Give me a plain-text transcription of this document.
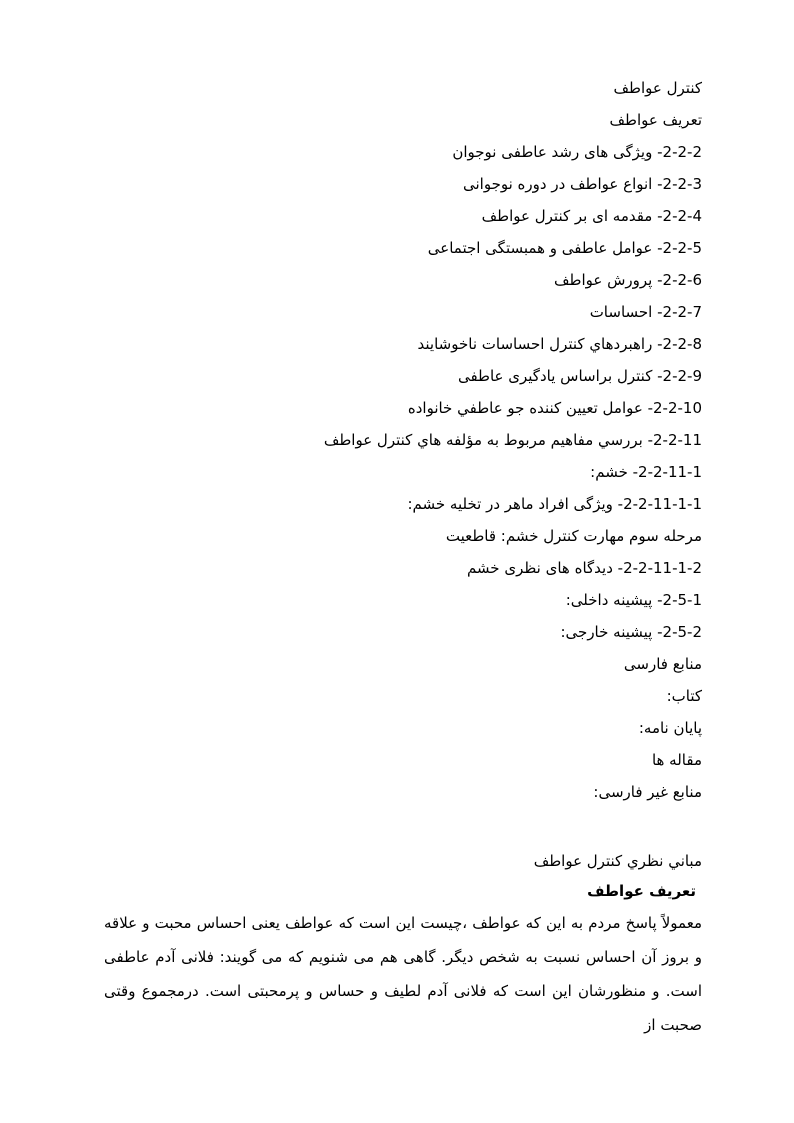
کنترل عواطف
تعریف عواطف
2-2-2- ویژگی های رشد عاطفی نوجوان
2-2-3- انواع عواطف در دوره نوجوانی
2-2-4- مقدمه ای بر کنترل عواطف
2-2-5- عوامل عاطفی و همبستگی اجتماعی
2-2-6- پرورش عواطف
2-2-7- احساسات
2-2-8- راهبردهاي كنترل احساسات ناخوشايند
2-2-9- کنترل براساس یادگیری عاطفی
2-2-10- عوامل تعيين كننده جو عاطفي خانواده
2-2-11- بررسي مفاهيم مربوط به مؤلفه هاي كنترل عواطف
2-2-11-1- خشم:
2-2-11-1-1- ویژگی افراد ماهر در تخلیه خشم:
مرحله سوم مهارت کنترل خشم: قاطعیت
2-2-11-1-2- دیدگاه های نظری خشم
2-5-1- پیشینه داخلی:
2-5-2- پیشینه خارجی:
منابع فارسی
کتاب:
پایان نامه:
مقاله ها
منابع غیر فارسی:
مباني نظري كنترل عواطف
تعریف عواطف

معمولاً پاسخ مردم به این که عواطف ،چیست این است که عواطف یعنی احساس محبت و علاقه و بروز آن احساس نسبت به شخص دیگر. گاهی هم می شنویم که می گویند: فلانی آدم عاطفی است. و منظورشان این است که فلانی آدم لطیف و حساس و پرمحبتی است. درمجموع وقتی صحبت از
